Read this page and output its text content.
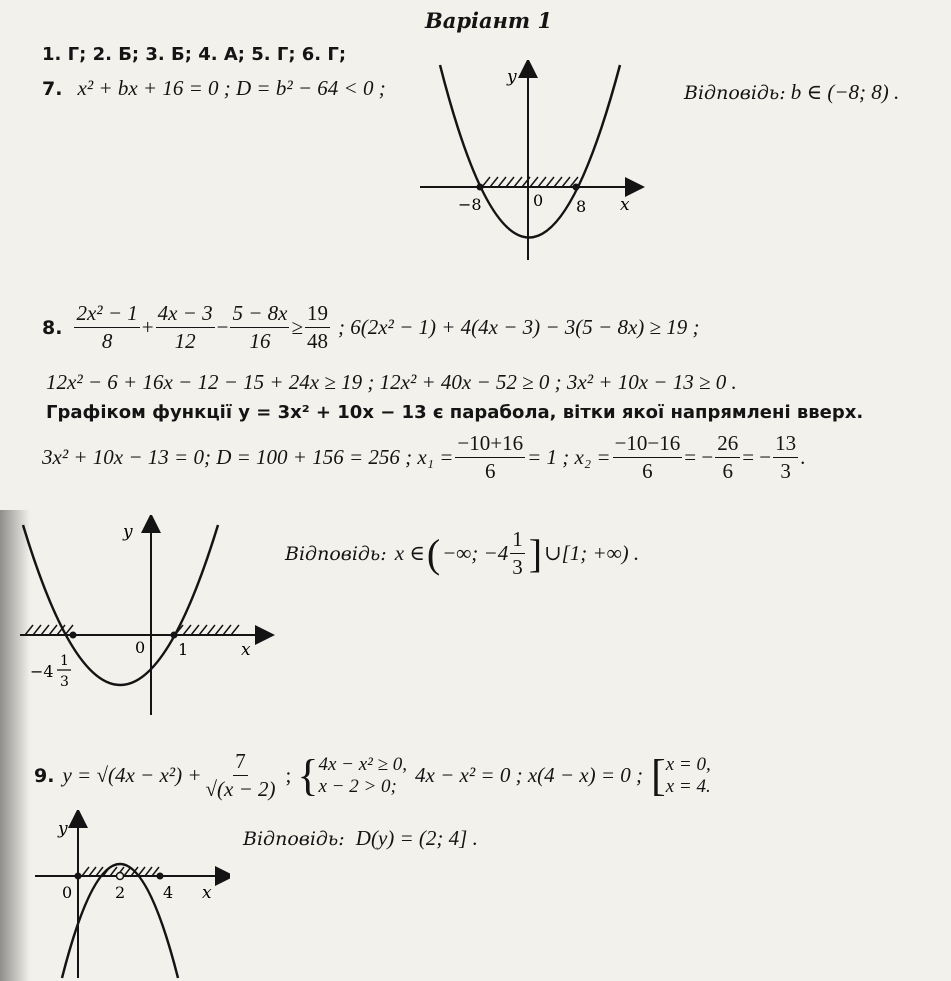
Варіант 1
1. Г; 2. Б; 3. Б; 4. А; 5. Г; 6. Г;
7. x² + bx + 16 = 0 ; D = b² − 64 < 0 ;	y
x
0
−8	8
Відповідь: b ∈ (−8; 8) .
8. $\frac{\text{2x² − 1}}{8} + \frac{4x - 3}{12} - \frac{5 - 8x}{16} \ge \frac{19}{48}$ ; 6(2x² − 1) + 4(4x − 3) − 3(5 − 8x) ≥ 19 ;
12x² − 6 + 16x − 12 − 15 + 24x ≥ 19 ; 12x² + 40x − 52 ≥ 0 ; 3x² + 10x − 13 ≥ 0 .
Графіком функції y = 3x² + 10x − 13 є парабола, вітки якої напрямлені вверх.
3x² + 10x − 13 = 0; D = 100 + 156 = 256 ; $x_1 = \frac{-10+16}{6} = 1$ ; $x_2 = \frac{-10-16}{6}$ = − $\frac{26}{6}$ = − $\frac{13}{3}$ .
y
x
0 1
−4
1
3
Відповідь: x ∈ ( −∞; $-4 \frac{1}{3}$ ] ∪[1; +∞) .
9. $y = √(4x - x^2) + \frac{7}{√(x - 2)}$ ; { 4x − x² ≥ 0,
x − 2 > 0; 4x − x² = 0 ; x(4 − x) = 0 ; [ x = 0,
x = 4.
y
x
0	2 4
Відповідь: D(y) = (2; 4] .
